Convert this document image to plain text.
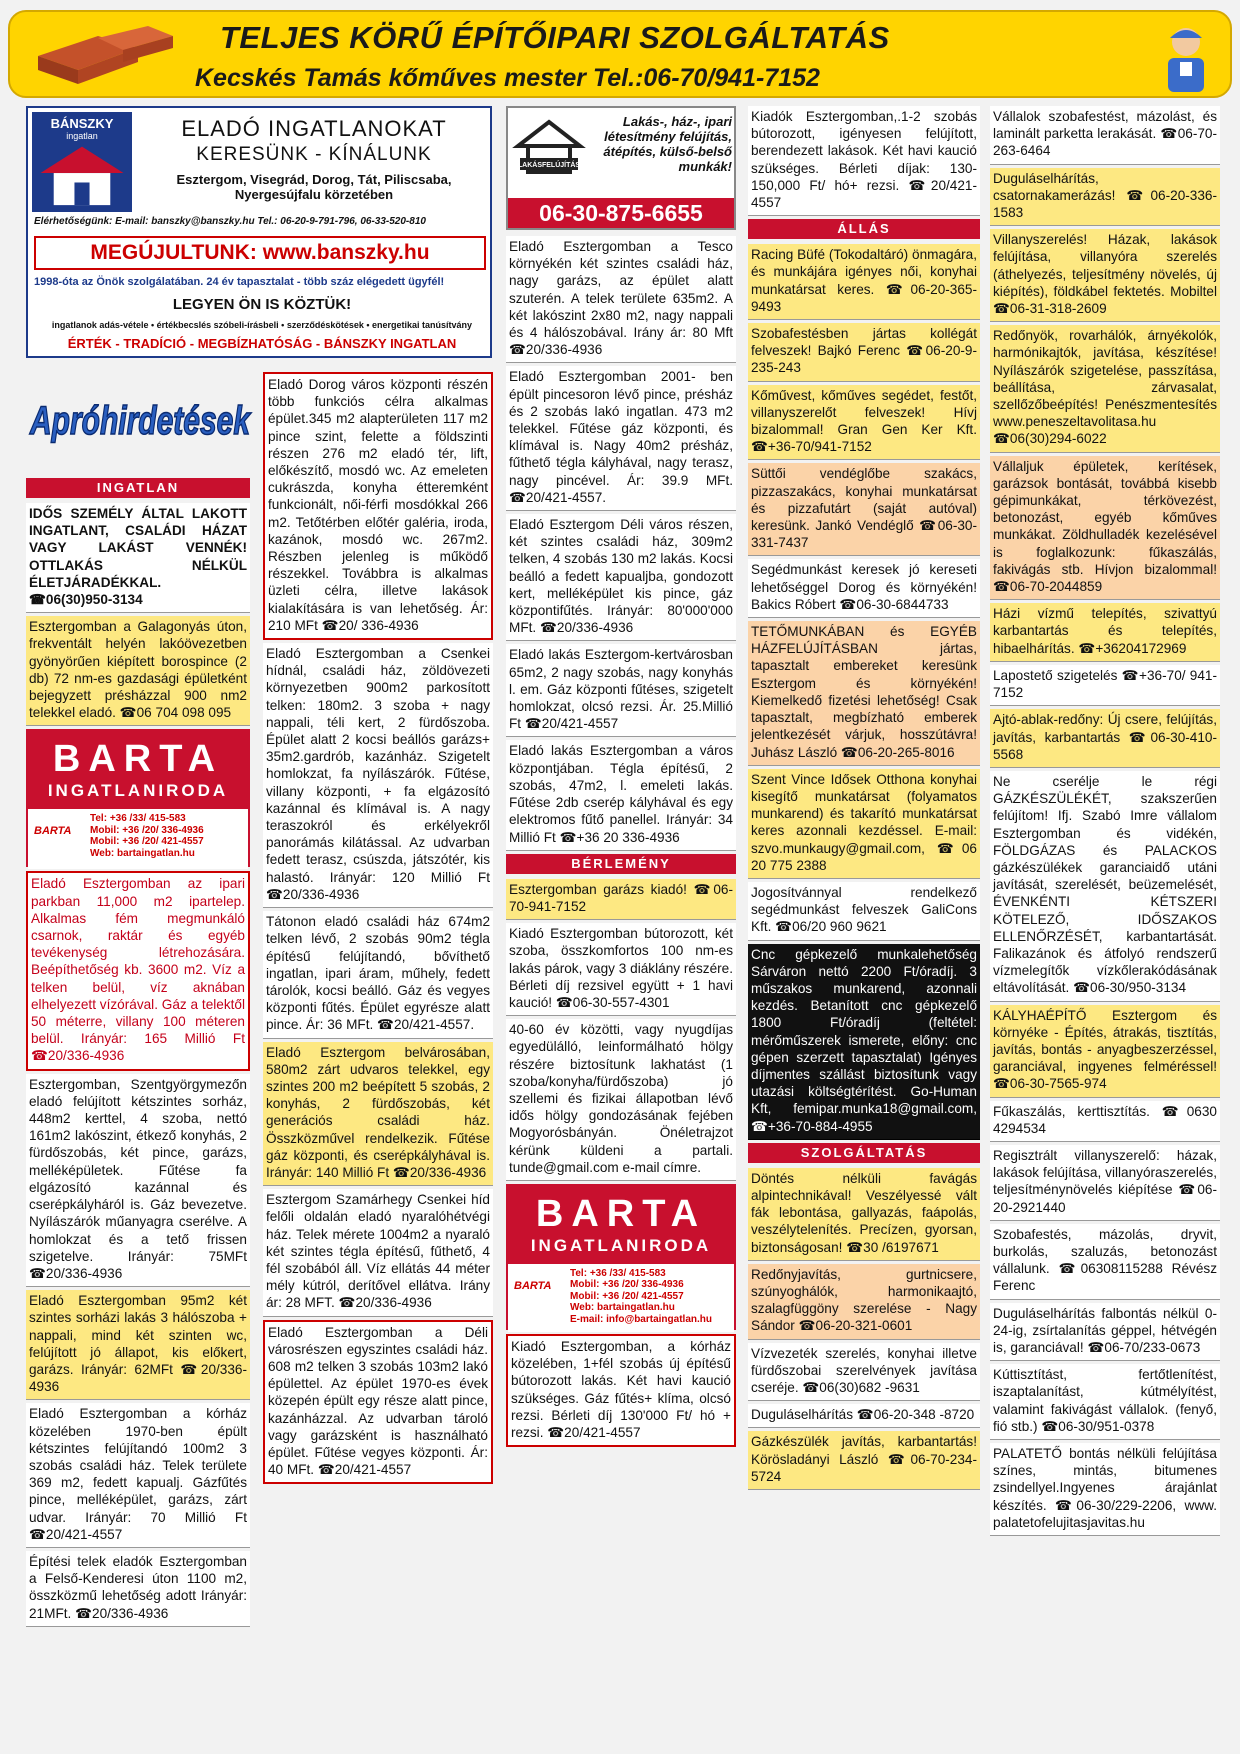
TELJES KÖRŰ ÉPÍTŐIPARI SZOLGÁLTATÁS
Kecskés Tamás kőműves mester Tel.:06-70/941-7152
BÁNSZKY
ingatlan	ELADÓ INGATLANOKAT
KERESÜNK - KÍNÁLUNK
Esztergom, Visegrád, Dorog, Tát, Piliscsaba, Nyergesújfalu körzetében
Elérhetőségünk: E-mail: banszky@banszky.hu Tel.: 06-20-9-791-796, 06-33-520-810
MEGÚJULTUNK: www.banszky.hu
1998-óta az Önök szolgálatában. 24 év tapasztalat - több száz elégedett ügyfél!
LEGYEN ÖN IS KÖZTÜK!
ingatlanok adás-vétele • értékbecslés szóbeli-írásbeli • szerződéskötések • energetikai tanúsítvány
ÉRTÉK - TRADÍCIÓ - MEGBÍZHATÓSÁG - BÁNSZKY INGATLAN
Apróhirdetések
INGATLAN
IDŐS SZEMÉLY ÁLTAL LAKOTT INGATLANT, CSALÁDI HÁZAT VAGY LAKÁST VENNÉK! OTTLAKÁS NÉLKÜL ÉLETJÁRADÉKKAL. ☎06(30)950-3134
Esztergomban a Galagonyás úton, frekventált helyén lakóövezetben gyönyörűen kiépített borospince (2 db) 72 nm-es gazdasági épületként bejegyzett présházzal 900 nm2 telekkel eladó. ☎06 704 098 095
BARTA
INGATLANIRODA
BARTA
Tel: +36 /33/ 415-583
Mobil: +36 /20/ 336-4936
Mobil: +36 /20/ 421-4557
Web: bartaingatlan.hu
Eladó Esztergomban az ipari parkban 11,000 m2 ipartelep. Alkalmas fém megmunkáló csarnok, raktár és egyéb tevékenység létrehozására. Beépíthetőség kb. 3600 m2. Víz a telken belül, víz aknában elhelyezett vízórával. Gáz a telektől 50 méterre, villany 100 méteren belül. Irányár: 165 Millió Ft ☎20/336-4936
Esztergomban, Szentgyörgymezőn eladó felújított kétszintes sorház, 448m2 kerttel, 4 szoba, nettó 161m2 lakószint, étkező konyhás, 2 fürdőszobás, két pince, garázs, melléképületek. Fűtése fa elgázosító kazánnal és cserépkályháról is. Gáz bevezetve. Nyílászárók műanyagra cserélve. A homlokzat és a tető frissen szigetelve. Irányár: 75MFt ☎20/336-4936
Eladó Esztergomban 95m2 két szintes sorházi lakás 3 hálószoba + nappali, mind két szinten wc, felújított jó állapot, kis előkert, garázs. Irányár: 62MFt ☎20/336-4936
Eladó Esztergomban a kórház közelében 1970-ben épült kétszintes felújítandó 100m2 3 szobás családi ház. Telek területe 369 m2, fedett kapualj. Gázfűtés pince, melléképület, garázs, zárt udvar. Irányár: 70 Millió Ft ☎20/421-4557
Építési telek eladók Esztergomban a Felső-Kenderesi úton 1100 m2, összközmű lehetőség adott Irányár: 21MFt. ☎20/336-4936
Eladó Dorog város központi részén több funkciós célra alkalmas épület.345 m2 alapterületen 117 m2 pince szint, felette a földszinti részen 276 m2 eladó tér, lift, előkészítő, mosdó wc. Az emeleten cukrászda, konyha étteremként funkcionált, női-férfi mosdókkal 266 m2. Tetőtérben előtér galéria, iroda, kazánok, mosdó wc. 267m2. Részben jelenleg is működő részekkel. Továbbra is alkalmas üzleti célra, illetve lakások kialakítására is van lehetőség. Ár: 210 MFt ☎20/ 336-4936
Eladó Esztergomban a Csenkei hídnál, családi ház, zöldövezeti környezetben 900m2 parkosított telken: 180m2. 3 szoba + nagy nappali, téli kert, 2 fürdőszoba. Épület alatt 2 kocsi beállós garázs+ 35m2.gardrób, kazánház. Szigetelt homlokzat, fa nyílászárók. Fűtése, villany központi, + fa elgázosító kazánnal és klímával is. A nagy teraszokról és erkélyekről panorámás kilátással. Az udvarban fedett terasz, csúszda, játszótér, kis halastó. Irányár: 120 Millió Ft ☎20/336-4936
Tátonon eladó családi ház 674m2 telken lévő, 2 szobás 90m2 tégla építésű felújítandó, bővíthető ingatlan, ipari áram, műhely, fedett tárolók, kocsi beálló. Gáz és vegyes központi fűtés. Épület egyrésze alatt pince. Ár: 36 MFt. ☎20/421-4557.
Eladó Esztergom belvárosában, 580m2 zárt udvaros telekkel, egy szintes 200 m2 beépített 5 szobás, 2 konyhás, 2 fürdőszobás, két generációs családi ház. Összközművel rendelkezik. Fűtése gáz központi, és cserépkályhával is. Irányár: 140 Millió Ft ☎20/336-4936
Esztergom Szamárhegy Csenkei híd felőli oldalán eladó nyaralóhétvégi ház. Telek mérete 1004m2 a nyaraló két szintes tégla építésű, fűthető, 4 fél szobából áll. Víz ellátás 44 méter mély kútról, derítővel ellátva. Irány ár: 28 MFT. ☎20/336-4936
Eladó Esztergomban a Déli városrészen egyszintes családi ház. 608 m2 telken 3 szobás 103m2 lakó épülettel. Az épület 1970-es évek közepén épült egy része alatt pince, kazánházzal. Az udvarban tároló vagy garázsként is használható épület. Fűtése vegyes központi. Ár: 40 MFt. ☎20/421-4557
LAKÁSFELÚJÍTÁS
Lakás-, ház-, ipari létesítmény felújítás, átépítés, külső-belső munkák!
06-30-875-6655
Eladó Esztergomban a Tesco környékén két szintes családi ház, nagy garázs, az épület alatt szuterén. A telek területe 635m2. A két lakószint 2x80 m2, nagy nappali és 4 hálószobával. Irány ár: 80 Mft ☎20/336-4936
Eladó Esztergomban 2001- ben épült pincesoron lévő pince, présház és 2 szobás lakó ingatlan. 473 m2 telekkel. Fűtése gáz központi, és klímával is. Nagy 40m2 présház, fűthető tégla kályhával, nagy terasz, nagy pincével. Ár: 39.9 MFt. ☎20/421-4557.
Eladó Esztergom Déli város részen, két szintes családi ház, 309m2 telken, 4 szobás 130 m2 lakás. Kocsi beálló a fedett kapualjba, gondozott kert, melléképület kis pince, gáz központifűtés. Irányár: 80'000'000 MFt. ☎20/336-4936
Eladó lakás Esztergom-kertvárosban 65m2, 2 nagy szobás, nagy konyhás l. em. Gáz központi fűtéses, szigetelt homlokzat, olcsó rezsi. Ár. 25.Millió Ft ☎20/421-4557
Eladó lakás Esztergomban a város központjában. Tégla építésű, 2 szobás, 47m2, l. emeleti lakás. Fűtése 2db cserép kályhával és egy elektromos fűtő panellel. Irányár: 34 Millió Ft ☎+36 20 336-4936
BÉRLEMÉNY
Esztergomban garázs kiadó! ☎06-70-941-7152
Kiadó Esztergomban bútorozott, két szoba, összkomfortos 100 nm-es lakás párok, vagy 3 diáklány részére. Bérleti díj rezsivel együtt + 1 havi kaució! ☎06-30-557-4301
40-60 év közötti, vagy nyugdíjas egyedülálló, leinformálható hölgy részére biztosítunk lakhatást (1 szoba/konyha/fürdőszoba) jó szellemi és fizikai állapotban lévő idős hölgy gondozásának fejében Mogyorósbányán. Önéletrajzot kérünk küldeni a partali. tunde@gmail.com e-mail címre.
BARTA
INGATLANIRODA
BARTA
Tel: +36 /33/ 415-583
Mobil: +36 /20/ 336-4936
Mobil: +36 /20/ 421-4557
Web: bartaingatlan.hu
E-mail: info@bartaingatlan.hu
Kiadó Esztergomban, a kórház közelében, 1+fél szobás új építésű bútorozott lakás. Két havi kaució szükséges. Gáz fűtés+ klíma, olcsó rezsi. Bérleti díj 130'000 Ft/ hó + rezsi. ☎20/421-4557
Kiadók Esztergomban,.1-2 szobás bútorozott, igényesen felújított, berendezett lakások. Két havi kaució szükséges. Bérleti díjak: 130- 150,000 Ft/ hó+ rezsi. ☎20/421-4557
ÁLLÁS
Racing Büfé (Tokodaltáró) önmagára, és munkájára igényes női, konyhai munkatársat keres. ☎06-20-365-9493
Szobafestésben jártas kollégát felveszek! Bajkó Ferenc ☎06-20-9-235-243
Kőművest, kőműves segédet, festőt, villanyszerelőt felveszek! Hívj bizalommal! Gran Gen Ker Kft. ☎+36-70/941-7152
Süttői vendéglőbe szakács, pizzaszakács, konyhai munkatársat és pizzafutárt (saját autóval) keresünk. Jankó Vendéglő ☎06-30-331-7437
Segédmunkást keresek jó kereseti lehetőséggel Dorog és környékén! Bakics Róbert ☎06-30-6844733
TETŐMUNKÁBAN és EGYÉB HÁZFELÚJÍTÁSBAN jártas, tapasztalt embereket keresünk Esztergom és környékén! Kiemelkedő fizetési lehetőség! Csak tapasztalt, megbízható emberek jelentkezését várjuk, hosszútávra! Juhász László ☎06-20-265-8016
Szent Vince Idősek Otthona konyhai kisegítő munkatársat (folyamatos munkarend) és takarító munkatársat keres azonnali kezdéssel. E-mail: szvo.munkaugy@gmail.com, ☎06 20 775 2388
Jogosítvánnyal rendelkező segédmunkást felveszek GaliCons Kft. ☎06/20 960 9621
Cnc gépkezelő munkalehetőség Sárváron nettó 2200 Ft/óradíj. 3 műszakos munkarend, azonnali kezdés. Betanított cnc gépkezelő 1800 Ft/óradíj (feltétel: mérőműszerek ismerete, előny: cnc gépen szerzett tapasztalat) Igényes díjmentes szállást biztosítunk vagy utazási költségtérítést. Go-Human Kft, femipar.munka18@gmail.com, ☎+36-70-884-4955
SZOLGÁLTATÁS
Döntés nélküli favágás alpintechnikával! Veszélyessé vált fák lebontása, gallyazás, faápolás, veszélytelenítés. Precízen, gyorsan, biztonságosan! ☎30 /6197671
Redőnyjavítás, gurtnicsere, szúnyoghálók, harmonikaajtó, szalagfüggöny szerelése - Nagy Sándor ☎06-20-321-0601
Vízvezeték szerelés, konyhai illetve fürdőszobai szerelvények javítása cseréje. ☎06(30)682 -9631
Duguláselhárítás ☎06-20-348 -8720
Gázkészülék javítás, karbantartás! Körösladányi László ☎06-70-234-5724
Vállalok szobafestést, mázolást, és laminált parketta lerakását. ☎06-70-263-6464
Duguláselhárítás, csatornakamerázás! ☎06-20-336-1583
Villanyszerelés! Házak, lakások felújítása, villanyóra szerelés (áthelyezés, teljesítmény növelés, új kiépítés), földkábel fektetés. Mobiltel ☎06-31-318-2609
Redőnyök, rovarhálók, árnyékolók, harmónikajtók, javítása, készítése! Nyílászárók szigetelése, passzítása, beállítása, zárvasalat, szellőzőbeépítés! Penészmentesítés www.peneszeltavolitasa.hu ☎06(30)294-6022
Vállaljuk épületek, kerítések, garázsok bontását, továbbá kisebb gépimunkákat, térkövezést, betonozást, egyéb kőműves munkákat. Zöldhulladék kezelésével is foglalkozunk: fűkaszálás, fakivágás stb. Hívjon bizalommal! ☎06-70-2044859
Házi vízmű telepítés, szivattyú karbantartás és telepítés, hibaelhárítás. ☎+36204172969
Lapostető szigetelés ☎+36-70/ 941-7152
Ajtó-ablak-redőny: Új csere, felújítás, javítás, karbantartás ☎06-30-410-5568
Ne cserélje le régi GÁZKÉSZÜLÉKÉT, szakszerűen felújítom! Ifj. Szabó Imre vállalom Esztergomban és vidékén, FÖLDGÁZAS és PALACKOS gázkészülékek garanciaidő utáni javítását, szerelését, beüzemelését, ÉVENKÉNTI KÉTSZERI KÖTELEZŐ, IDŐSZAKOS ELLENŐRZÉSÉT, karbantartását. Falikazánok és átfolyó rendszerű vízmelegítők vízkőlerakódásának eltávolítását. ☎06-30/950-3134
KÁLYHAÉPÍTŐ Esztergom és környéke - Építés, átrakás, tisztítás, javítás, bontás - anyagbeszerzéssel, garanciával, ingyenes felméréssel! ☎06-30-7565-974
Fűkaszálás, kerttisztítás. ☎0630 4294534
Regisztrált villanyszerelő: házak, lakások felújítása, villanyóraszerelés, teljesítménynövelés kiépítése ☎06-20-2921440
Szobafestés, mázolás, dryvit, burkolás, szaluzás, betonozást vállalunk. ☎06308115288 Révész Ferenc
Duguláselhárítás falbontás nélkül 0-24-ig, zsírtalanítás géppel, hétvégén is, garanciával! ☎06-70/233-0673
Kúttisztítást, fertőtlenítést, iszaptalanítást, kútmélyítést, valamint fakivágást vállalok. (fenyő, fió stb.) ☎06-30/951-0378
PALATETŐ bontás nélküli felújítása színes, mintás, bitumenes zsindellyel.Ingyenes árajánlat készítés. ☎06-30/229-2206, www. palatetofelujitasjavitas.hu
